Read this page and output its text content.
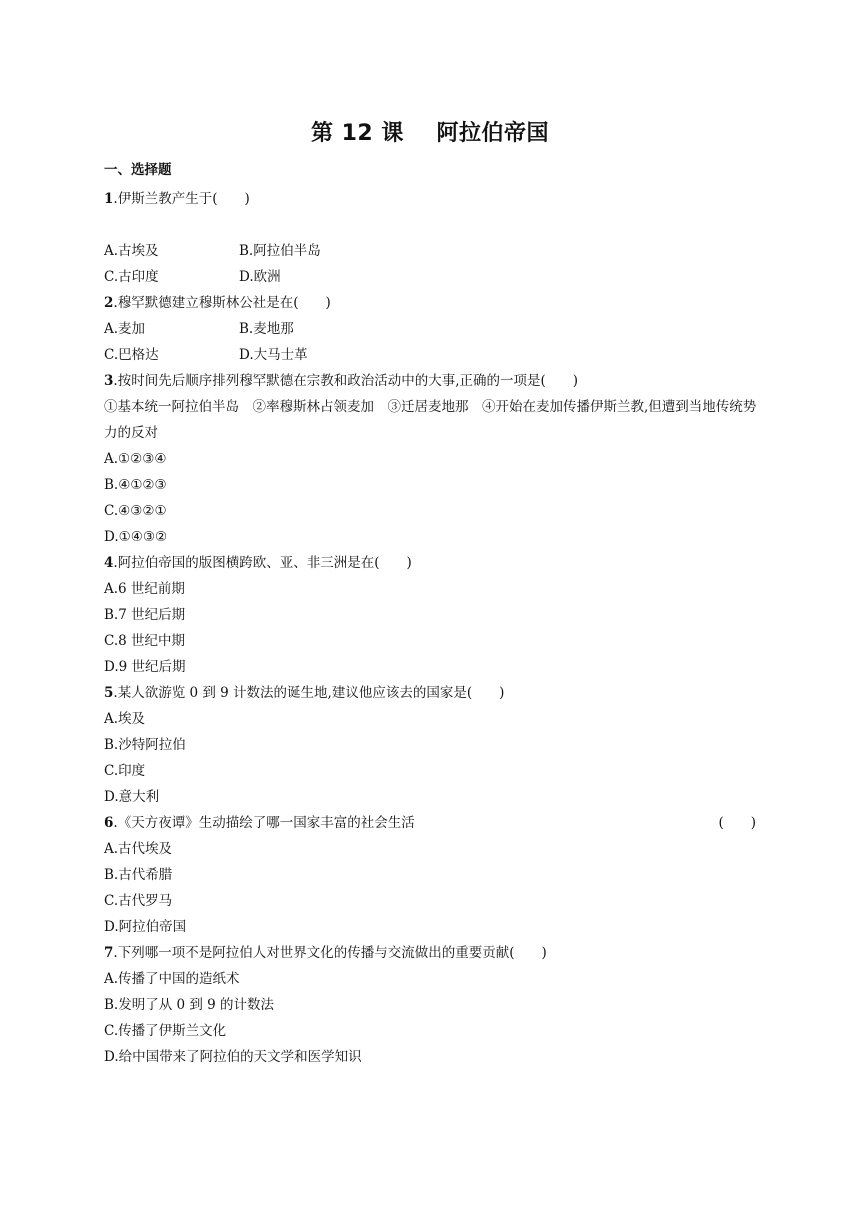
第 12 课    阿拉伯帝国
一、选择题
1.伊斯兰教产生于(　　)
A.古埃及	B.阿拉伯半岛
C.古印度	D.欧洲
2.穆罕默德建立穆斯林公社是在(　　)
A.麦加	B.麦地那
C.巴格达	D.大马士革
3.按时间先后顺序排列穆罕默德在宗教和政治活动中的大事,正确的一项是(　　)
①基本统一阿拉伯半岛　②率穆斯林占领麦加　③迁居麦地那　④开始在麦加传播伊斯兰教,但遭到当地传统势力的反对
A.①②③④
B.④①②③
C.④③②①
D.①④③②
4.阿拉伯帝国的版图横跨欧、亚、非三洲是在(　　)
A.6 世纪前期
B.7 世纪后期
C.8 世纪中期
D.9 世纪后期
5.某人欲游览 0 到 9 计数法的诞生地,建议他应该去的国家是(　　)
A.埃及
B.沙特阿拉伯
C.印度
D.意大利
6.《天方夜谭》生动描绘了哪一国家丰富的社会生活	(　　)
A.古代埃及
B.古代希腊
C.古代罗马
D.阿拉伯帝国
7.下列哪一项不是阿拉伯人对世界文化的传播与交流做出的重要贡献(　　)
A.传播了中国的造纸术
B.发明了从 0 到 9 的计数法
C.传播了伊斯兰文化
D.给中国带来了阿拉伯的天文学和医学知识
